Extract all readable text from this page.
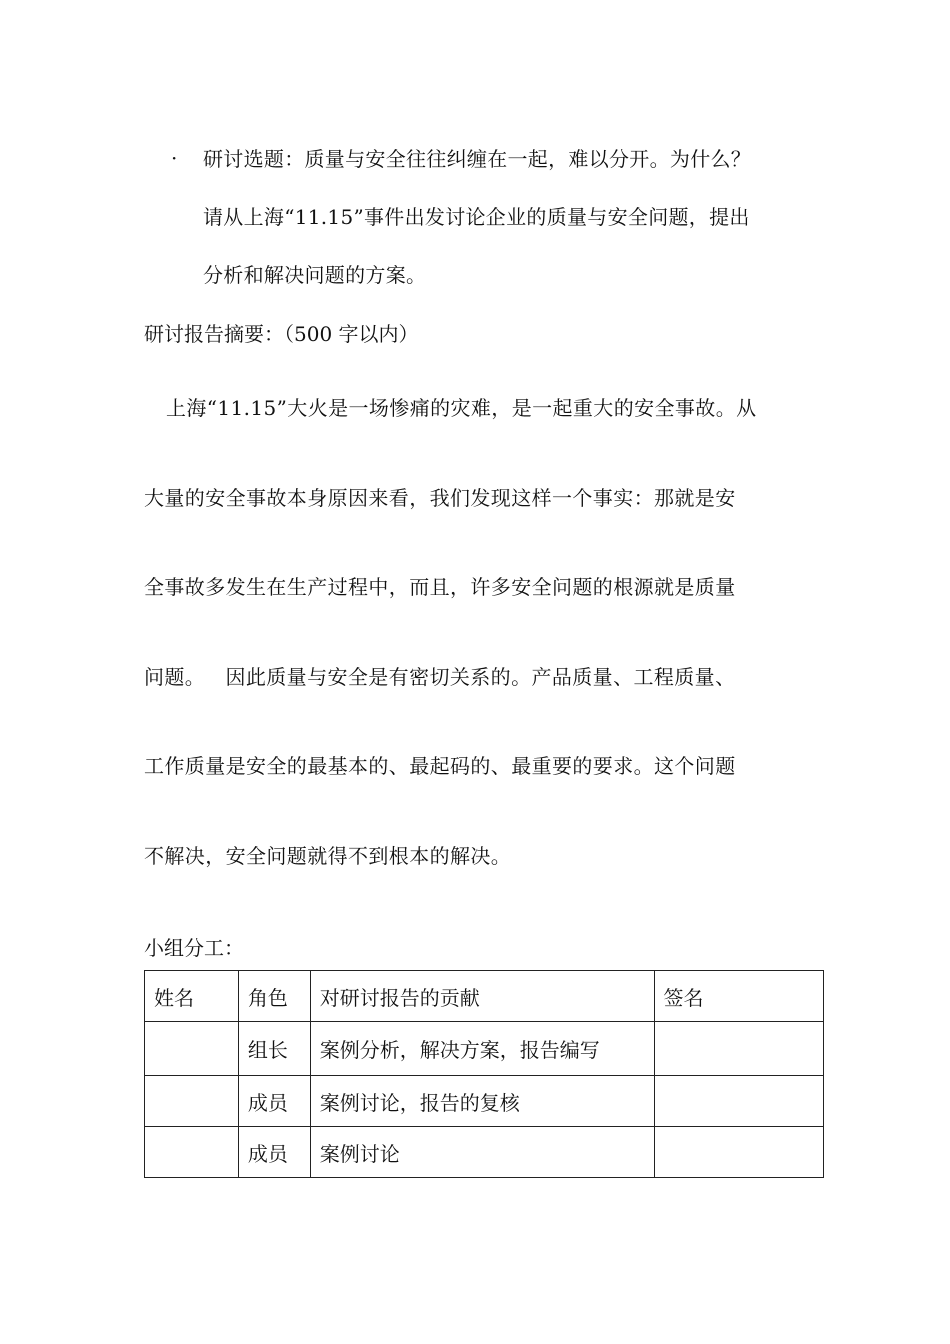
· 研讨选题：质量与安全往往纠缠在一起，难以分开。为什么？
请从上海“11.15”事件出发讨论企业的质量与安全问题，提出
分析和解决问题的方案。
研讨报告摘要：（500 字以内）
上海“11.15”大火是一场惨痛的灾难，是一起重大的安全事故。从
大量的安全事故本身原因来看，我们发现这样一个事实：那就是安
全事故多发生在生产过程中，而且，许多安全问题的根源就是质量
问题。   因此质量与安全是有密切关系的。产品质量、工程质量、
工作质量是安全的最基本的、最起码的、最重要的要求。这个问题
不解决，安全问题就得不到根本的解决。
小组分工：
姓名	角色	对研讨报告的贡献	签名
	组长	案例分析，解决方案，报告编写	
	成员	案例讨论，报告的复核	
	成员	案例讨论	
